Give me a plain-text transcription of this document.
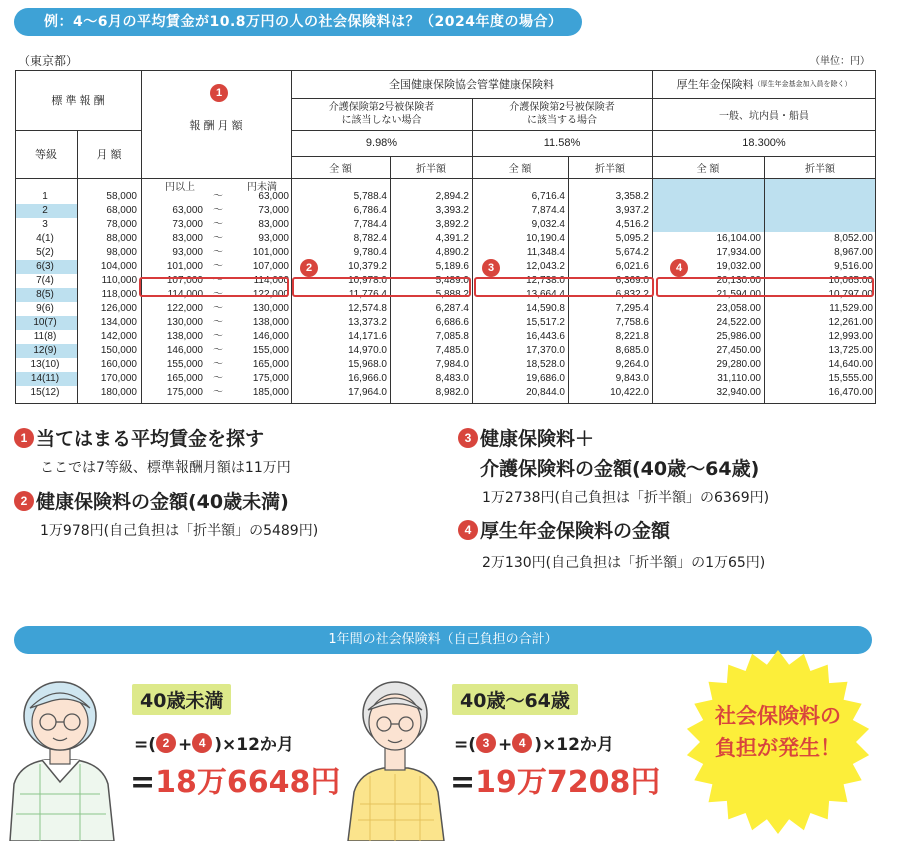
例：4〜6月の平均賃金が10.8万円の人の社会保険料は？（2024年度の場合）
（東京都）	（単位：円）
標 準 報 酬
等級	月 額
報 酬 月 額
全国健康保険協会管掌健康保険料
介護保険第2号被保険者
に該当しない場合
介護保険第2号被保険者
に該当する場合
厚生年金保険料 （厚生年金基金加入員を除く）
一般、坑内員・船員
9.98%	11.58%	18.300%
全 額	折半額	全 額	折半額	全 額	折半額
円以上	円未満
1	58,000	〜	63,000	5,788.4	2,894.2	6,716.4	3,358.2
2	68,000	63,000	〜	73,000	6,786.4	3,393.2	7,874.4	3,937.2
3	78,000	73,000	〜	83,000	7,784.4	3,892.2	9,032.4	4,516.2
4(1)	88,000	83,000	〜	93,000	8,782.4	4,391.2	10,190.4	5,095.2	16,104.00	8,052.00
5(2)	98,000	93,000	〜	101,000	9,780.4	4,890.2	11,348.4	5,674.2	17,934.00	8,967.00
6(3)	104,000	101,000	〜	107,000	10,379.2	5,189.6	12,043.2	6,021.6	19,032.00	9,516.00
7(4)	110,000	107,000	〜	114,000	10,978.0	5,489.0	12,738.0	6,369.0	20,130.00	10,065.00
8(5)	118,000	114,000	〜	122,000	11,776.4	5,888.2	13,664.4	6,832.2	21,594.00	10,797.00
9(6)	126,000	122,000	〜	130,000	12,574.8	6,287.4	14,590.8	7,295.4	23,058.00	11,529.00
10(7)	134,000	130,000	〜	138,000	13,373.2	6,686.6	15,517.2	7,758.6	24,522.00	12,261.00
11(8)	142,000	138,000	〜	146,000	14,171.6	7,085.8	16,443.6	8,221.8	25,986.00	12,993.00
12(9)	150,000	146,000	〜	155,000	14,970.0	7,485.0	17,370.0	8,685.0	27,450.00	13,725.00
13(10)	160,000	155,000	〜	165,000	15,968.0	7,984.0	18,528.0	9,264.0	29,280.00	14,640.00
14(11)	170,000	165,000	〜	175,000	16,966.0	8,483.0	19,686.0	9,843.0	31,110.00	15,555.00
15(12)	180,000	175,000	〜	185,000	17,964.0	8,982.0	20,844.0	10,422.0	32,940.00	16,470.00
1
2	3	4
1 当てはまる平均賃金を探す
ここでは7等級、標準報酬月額は11万円
2 健康保険料の金額(40歳未満)
1万978円(自己負担は「折半額」の5489円)
3 健康保険料＋
介護保険料の金額(40歳〜64歳)
1万2738円(自己負担は「折半額」の6369円)
4 厚生年金保険料の金額
2万130円(自己負担は「折半額」の1万65円)
1年間の社会保険料（自己負担の合計）
40歳未満
=( 2 + 4 )×12か月
=18万6648円
40歳〜64歳
=( 3 + 4 )×12か月
=19万7208円
社会保険料の
負担が発生！
